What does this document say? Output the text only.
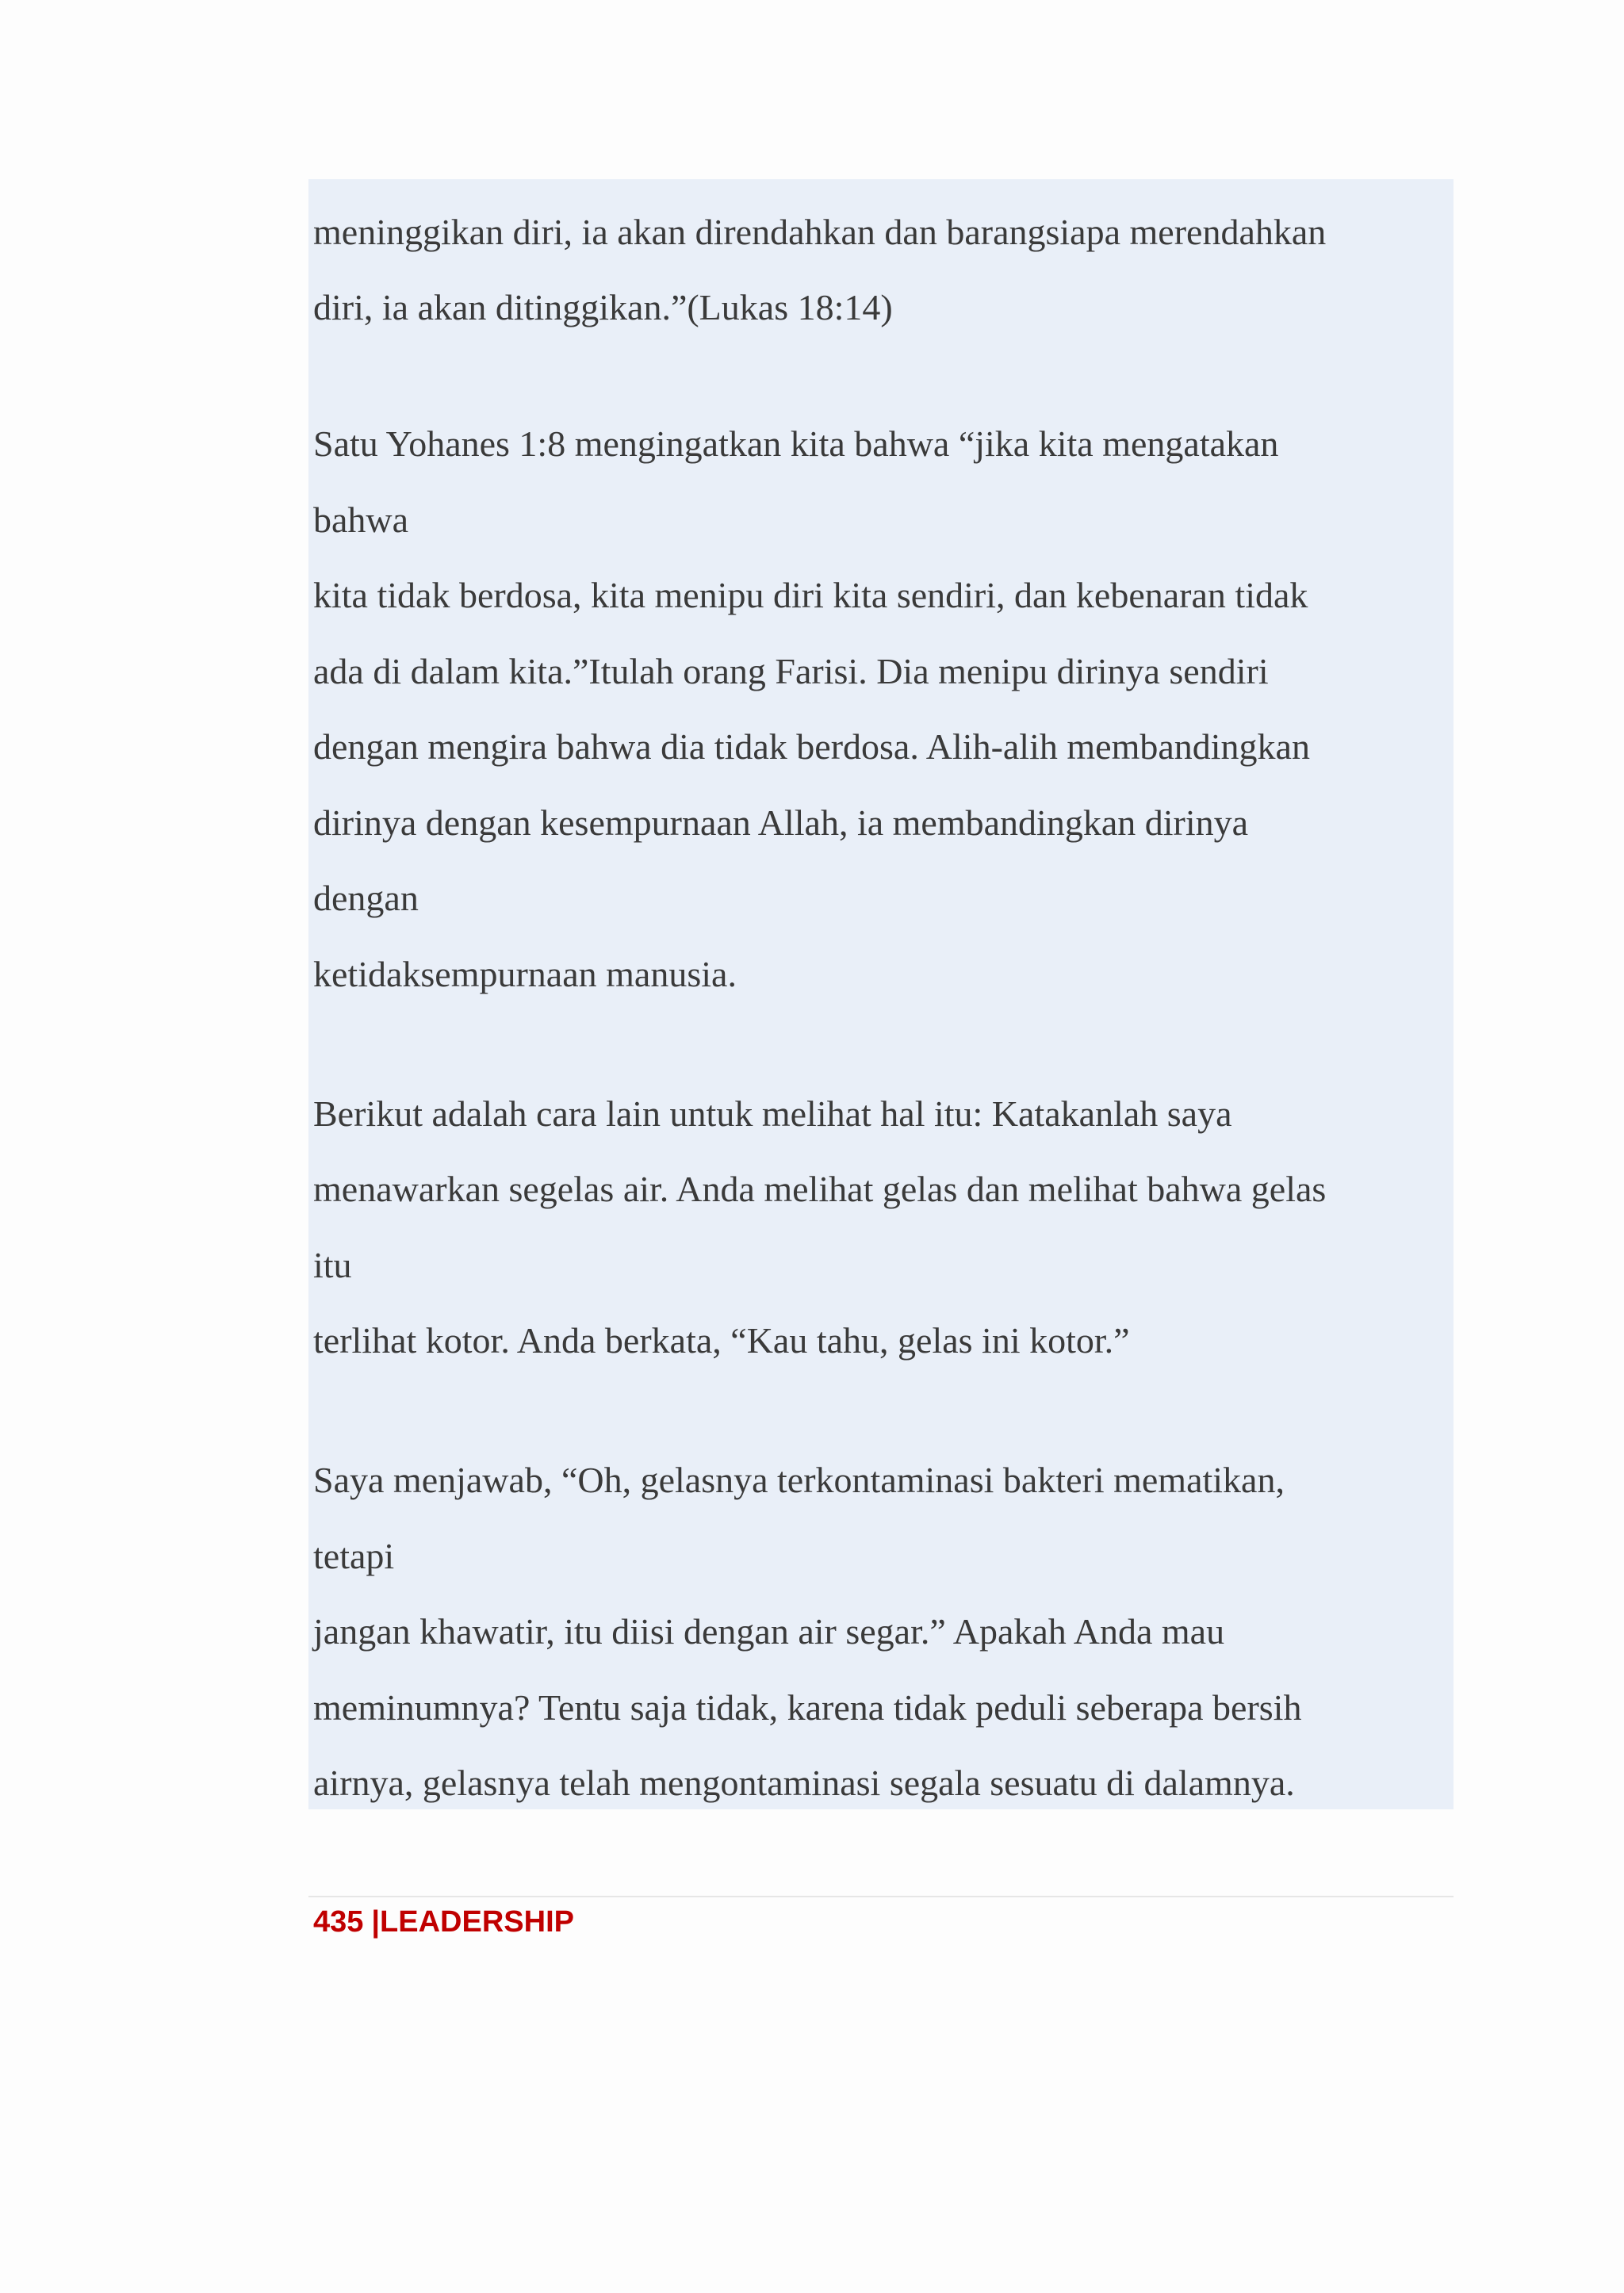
meninggikan diri, ia akan direndahkan dan barangsiapa merendahkan
diri, ia akan ditinggikan.”(Lukas 18:14)
Satu Yohanes 1:8 mengingatkan kita bahwa “jika kita mengatakan
bahwa
kita tidak berdosa, kita menipu diri kita sendiri, dan kebenaran tidak
ada di dalam kita.”Itulah orang Farisi. Dia menipu dirinya sendiri
dengan mengira bahwa dia tidak berdosa. Alih-alih membandingkan
dirinya dengan kesempurnaan Allah, ia membandingkan dirinya
dengan
ketidaksempurnaan manusia.
Berikut adalah cara lain untuk melihat hal itu: Katakanlah saya
menawarkan segelas air. Anda melihat gelas dan melihat bahwa gelas
itu
terlihat kotor. Anda berkata, “Kau tahu, gelas ini kotor.”
Saya menjawab, “Oh, gelasnya terkontaminasi bakteri mematikan,
tetapi
jangan khawatir, itu diisi dengan air segar.” Apakah Anda mau
meminumnya? Tentu saja tidak, karena tidak peduli seberapa bersih
airnya, gelasnya telah mengontaminasi segala sesuatu di dalamnya.
435 |LEADERSHIP
